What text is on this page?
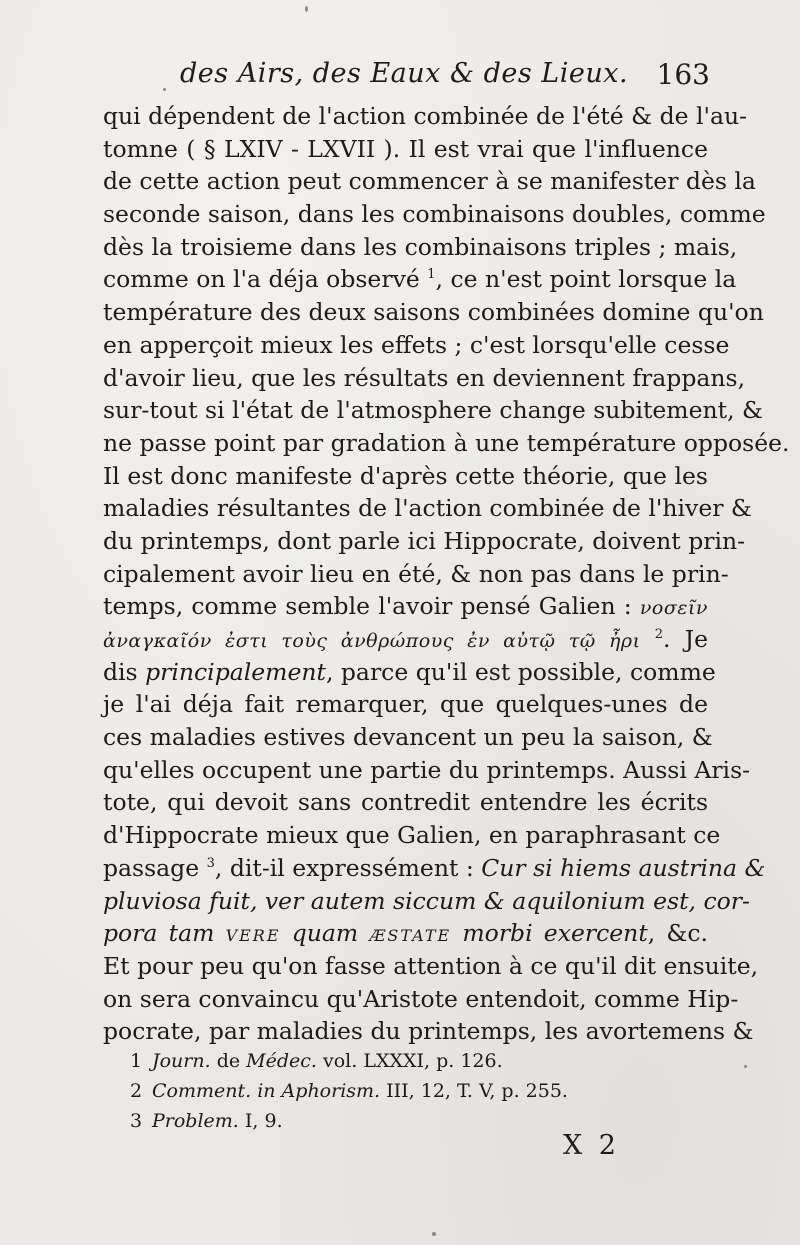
des Airs, des Eaux & des Lieux. 163
qui dépendent de l'action combinée de l'été & de l'au-
tomne ( § LXIV - LXVII ). Il est vrai que l'influence
de cette action peut commencer à se manifester dès la
seconde saison, dans les combinaisons doubles, comme
dès la troisieme dans les combinaisons triples ; mais,
comme on l'a déja observé $^1$, ce n'est point lorsque la
température des deux saisons combinées domine qu'on
en apperçoit mieux les effets ; c'est lorsqu'elle cesse
d'avoir lieu, que les résultats en deviennent frappans,
sur-tout si l'état de l'atmosphere change subitement, &
ne passe point par gradation à une température opposée.
Il est donc manifeste d'après cette théorie, que les
maladies résultantes de l'action combinée de l'hiver &
du printemps, dont parle ici Hippocrate, doivent prin-
cipalement avoir lieu en été, & non pas dans le prin-
temps, comme semble l'avoir pensé Galien : νοσεῖν
ἀναγκαῖόν ἐστι τοὺς ἀνθρώπους ἐν αὐτῷ τῷ ἦρι $^2$. Je
dis principalement, parce qu'il est possible, comme
je l'ai déja fait remarquer, que quelques-unes de
ces maladies estives devancent un peu la saison, &
qu'elles occupent une partie du printemps. Aussi Aris-
tote, qui devoit sans contredit entendre les écrits
d'Hippocrate mieux que Galien, en paraphrasant ce
passage $^3$, dit-il expressément : Cur si hiems austrina &
pluviosa fuit, ver autem siccum & aquilonium est, cor-
pora tam vere quam æstate morbi exercent, &c.
Et pour peu qu'on fasse attention à ce qu'il dit ensuite,
on sera convaincu qu'Aristote entendoit, comme Hip-
pocrate, par maladies du printemps, les avortemens &
1 Journ. de Médec. vol. LXXXI, p. 126.
2 Comment. in Aphorism. III, 12, T. V, p. 255.
3 Problem. I, 9.
X 2
